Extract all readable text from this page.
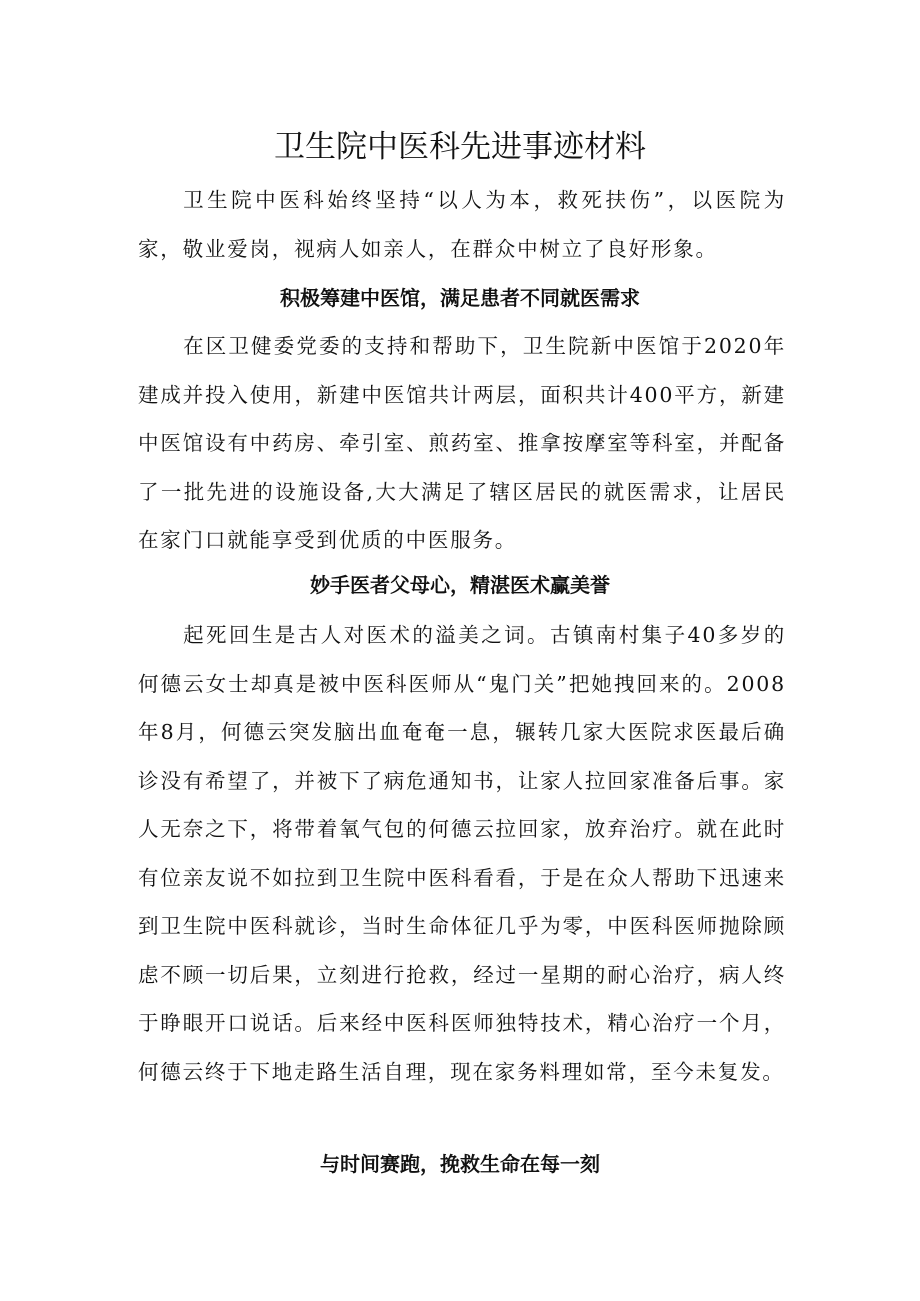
卫生院中医科先进事迹材料

卫生院中医科始终坚持“以人为本，救死扶伤”，以医院为家，敬业爱岗，视病人如亲人，在群众中树立了良好形象。

积极筹建中医馆，满足患者不同就医需求

在区卫健委党委的支持和帮助下，卫生院新中医馆于2020年建成并投入使用，新建中医馆共计两层，面积共计400平方，新建中医馆设有中药房、牵引室、煎药室、推拿按摩室等科室，并配备了一批先进的设施设备,大大满足了辖区居民的就医需求，让居民在家门口就能享受到优质的中医服务。

妙手医者父母心，精湛医术赢美誉

起死回生是古人对医术的溢美之词。古镇南村集子40多岁的何德云女士却真是被中医科医师从“鬼门关”把她拽回来的。2008年8月，何德云突发脑出血奄奄一息，辗转几家大医院求医最后确诊没有希望了，并被下了病危通知书，让家人拉回家准备后事。家人无奈之下，将带着氧气包的何德云拉回家，放弃治疗。就在此时有位亲友说不如拉到卫生院中医科看看，于是在众人帮助下迅速来到卫生院中医科就诊，当时生命体征几乎为零，中医科医师抛除顾虑不顾一切后果，立刻进行抢救，经过一星期的耐心治疗，病人终于睁眼开口说话。后来经中医科医师独特技术，精心治疗一个月，何德云终于下地走路生活自理，现在家务料理如常，至今未复发。

与时间赛跑，挽救生命在每一刻
